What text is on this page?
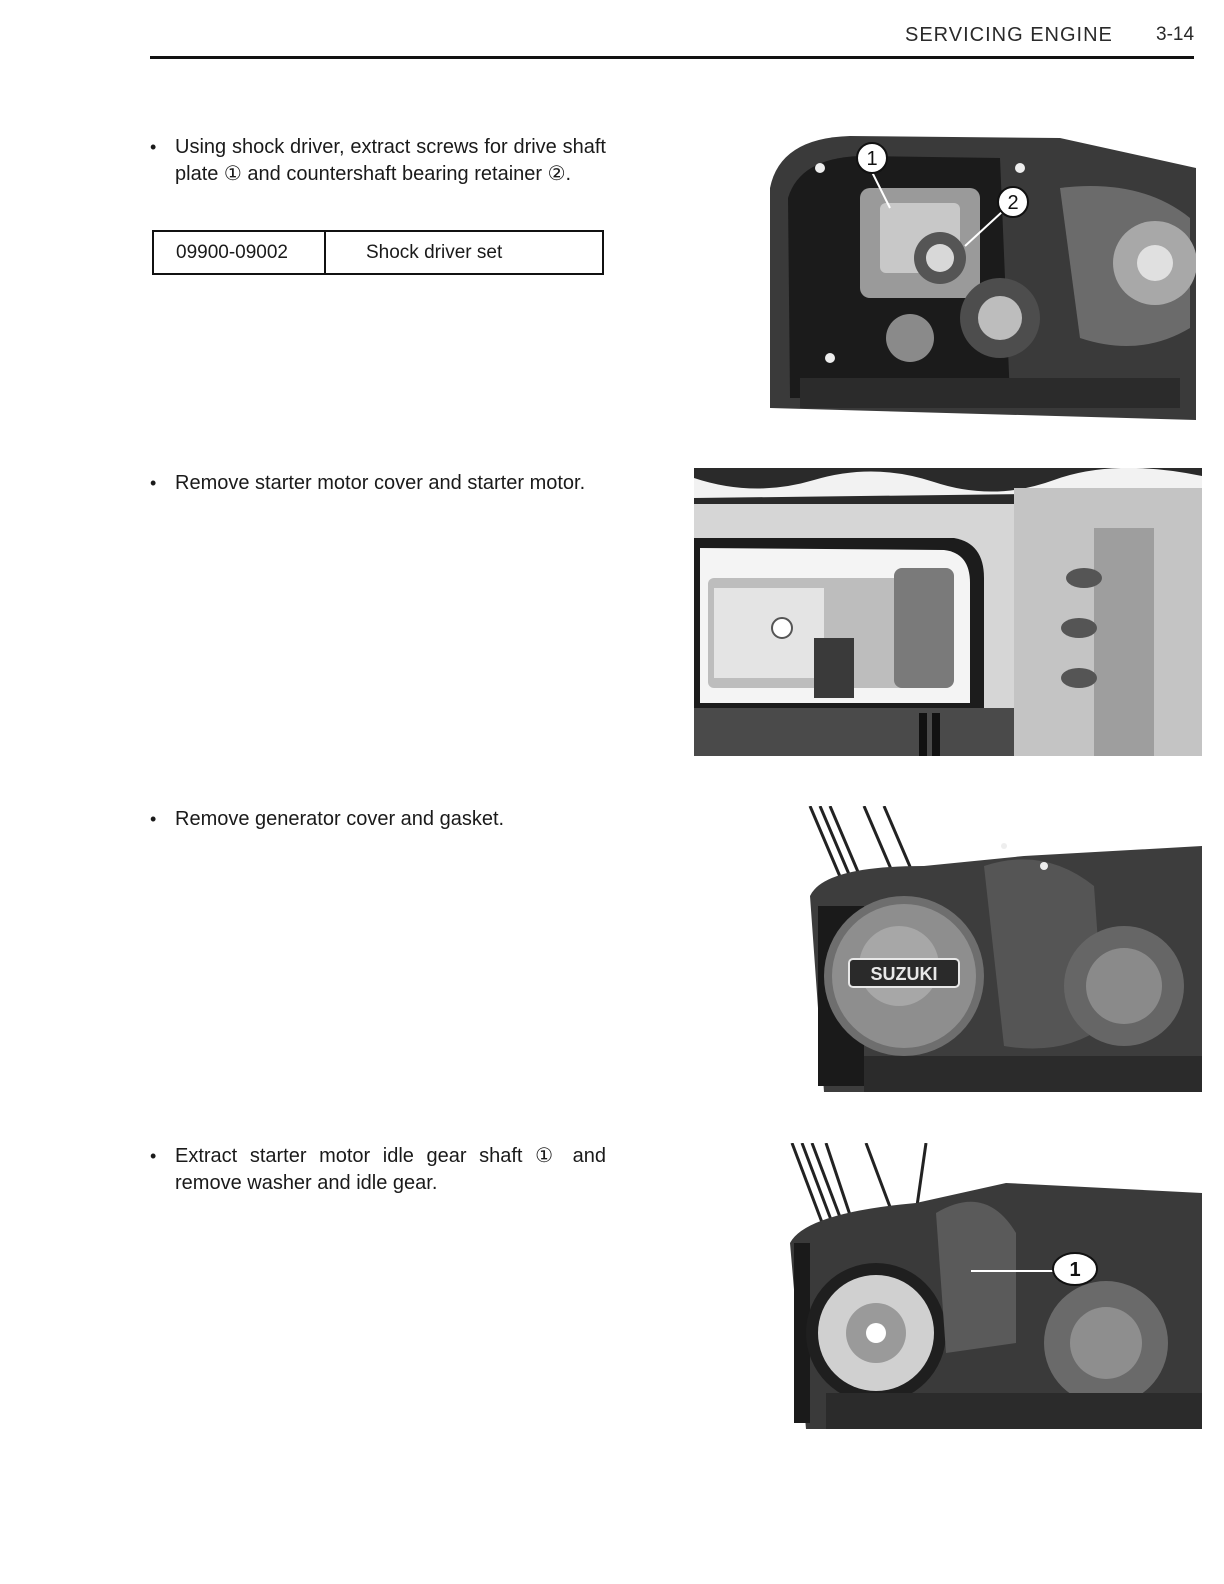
SERVICING ENGINE 3-14
• Using shock driver, extract screws for drive shaft plate ① and countershaft bearing retainer ②.
09900-09002	Shock driver set
• Remove starter motor cover and starter motor.
• Remove generator cover and gasket.
• Extract starter motor idle gear shaft ① and remove washer and idle gear.
1
2
SUZUKI
1
